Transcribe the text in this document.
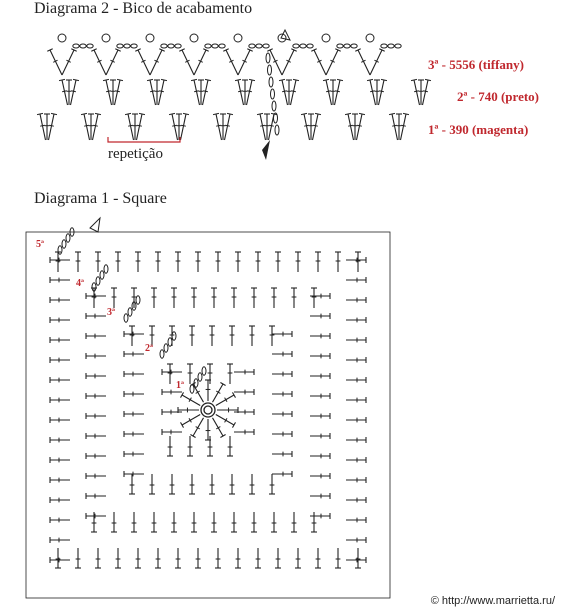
Diagrama 2 - Bico de acabamento
3ª - 5556 (tiffany)
2ª - 740 (preto)
1ª - 390 (magenta)
repetição
Diagrama 1 - Square
5ª
4ª
3ª
2ª
1ª
© http://www.marrietta.ru/
